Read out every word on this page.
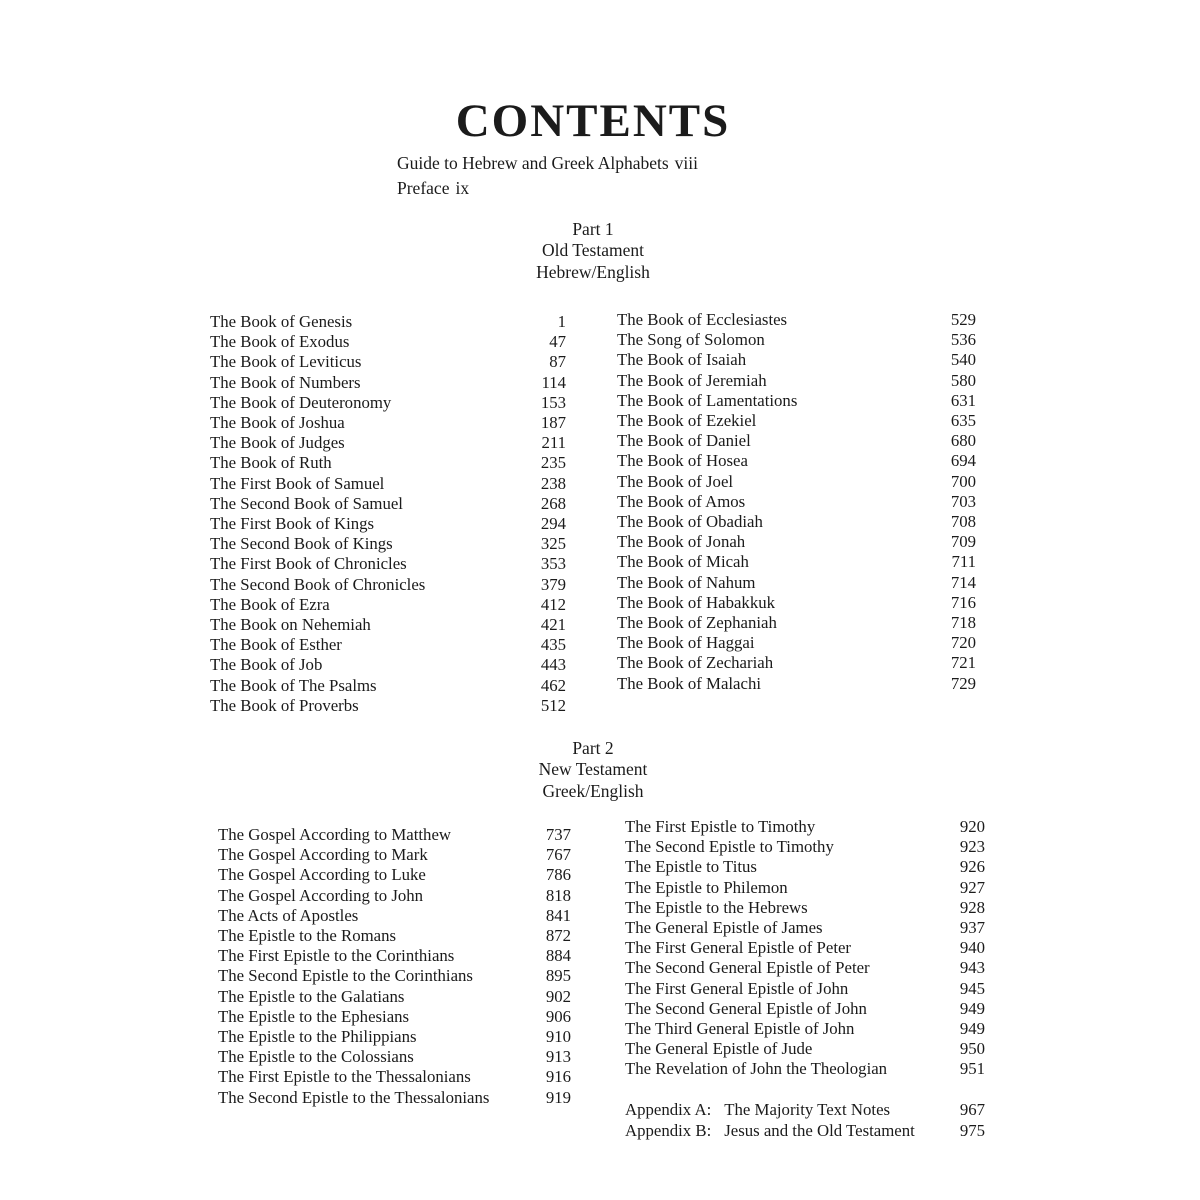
CONTENTS
Guide to Hebrew and Greek Alphabets viii
Preface ix
Part 1
Old Testament
Hebrew/English
The Book of Genesis	1
The Book of Exodus	47
The Book of Leviticus	87
The Book of Numbers	114
The Book of Deuteronomy	153
The Book of Joshua	187
The Book of Judges	211
The Book of Ruth	235
The First Book of Samuel	238
The Second Book of Samuel	268
The First Book of Kings	294
The Second Book of Kings	325
The First Book of Chronicles	353
The Second Book of Chronicles	379
The Book of Ezra	412
The Book on Nehemiah	421
The Book of Esther	435
The Book of Job	443
The Book of The Psalms	462
The Book of Proverbs	512
The Book of Ecclesiastes	529
The Song of Solomon	536
The Book of Isaiah	540
The Book of Jeremiah	580
The Book of Lamentations	631
The Book of Ezekiel	635
The Book of Daniel	680
The Book of Hosea	694
The Book of Joel	700
The Book of Amos	703
The Book of Obadiah	708
The Book of Jonah	709
The Book of Micah	711
The Book of Nahum	714
The Book of Habakkuk	716
The Book of Zephaniah	718
The Book of Haggai	720
The Book of Zechariah	721
The Book of Malachi	729
Part 2
New Testament
Greek/English
The Gospel According to Matthew	737
The Gospel According to Mark	767
The Gospel According to Luke	786
The Gospel According to John	818
The Acts of Apostles	841
The Epistle to the Romans	872
The First Epistle to the Corinthians	884
The Second Epistle to the Corinthians	895
The Epistle to the Galatians	902
The Epistle to the Ephesians	906
The Epistle to the Philippians	910
The Epistle to the Colossians	913
The First Epistle to the Thessalonians	916
The Second Epistle to the Thessalonians	919
The First Epistle to Timothy	920
The Second Epistle to Timothy	923
The Epistle to Titus	926
The Epistle to Philemon	927
The Epistle to the Hebrews	928
The General Epistle of James	937
The First General Epistle of Peter	940
The Second General Epistle of Peter	943
The First General Epistle of John	945
The Second General Epistle of John	949
The Third General Epistle of John	949
The General Epistle of Jude	950
The Revelation of John the Theologian	951
Appendix A: The Majority Text Notes	967
Appendix B: Jesus and the Old Testament	975
